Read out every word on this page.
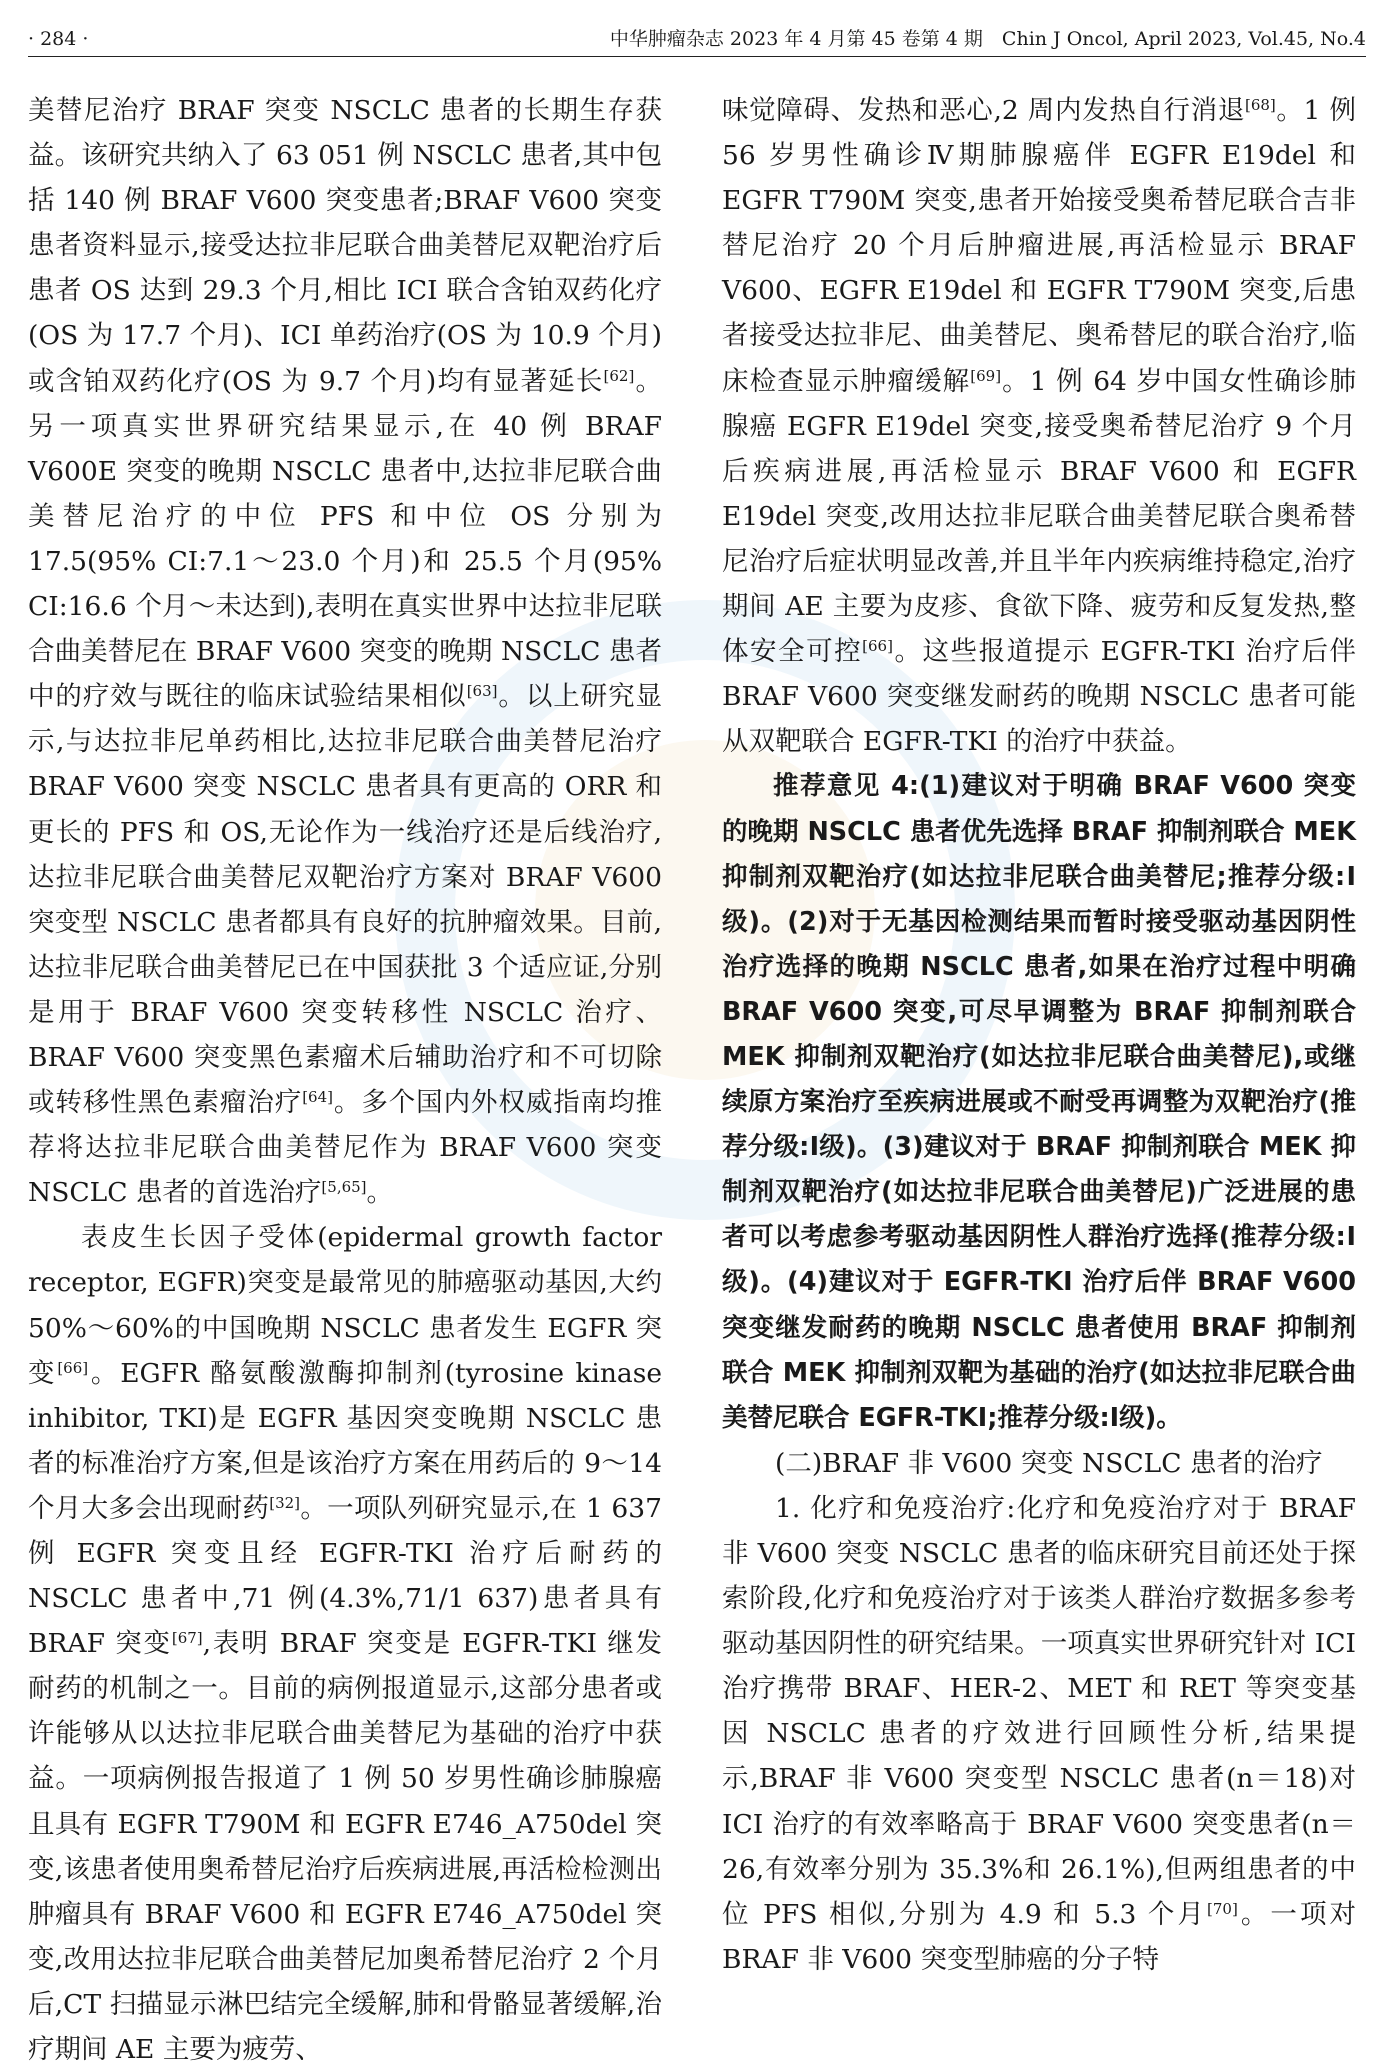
· 284 ·	中华肿瘤杂志 2023 年 4 月第 45 卷第 4 期　Chin J Oncol, April 2023, Vol.45, No.4

美替尼治疗 BRAF 突变 NSCLC 患者的长期生存获益。该研究共纳入了 63 051 例 NSCLC 患者,其中包括 140 例 BRAF V600 突变患者;BRAF V600 突变患者资料显示,接受达拉非尼联合曲美替尼双靶治疗后患者 OS 达到 29.3 个月,相比 ICI 联合含铂双药化疗(OS 为 17.7 个月)、ICI 单药治疗(OS 为 10.9 个月)或含铂双药化疗(OS 为 9.7 个月)均有显著延长[62]。另一项真实世界研究结果显示,在 40 例 BRAF V600E 突变的晚期 NSCLC 患者中,达拉非尼联合曲美替尼治疗的中位 PFS 和中位 OS 分别为 17.5(95% CI:7.1～23.0 个月)和 25.5 个月(95% CI:16.6 个月～未达到),表明在真实世界中达拉非尼联合曲美替尼在 BRAF V600 突变的晚期 NSCLC 患者中的疗效与既往的临床试验结果相似[63]。以上研究显示,与达拉非尼单药相比,达拉非尼联合曲美替尼治疗 BRAF V600 突变 NSCLC 患者具有更高的 ORR 和更长的 PFS 和 OS,无论作为一线治疗还是后线治疗,达拉非尼联合曲美替尼双靶治疗方案对 BRAF V600 突变型 NSCLC 患者都具有良好的抗肿瘤效果。目前,达拉非尼联合曲美替尼已在中国获批 3 个适应证,分别是用于 BRAF V600 突变转移性 NSCLC 治疗、BRAF V600 突变黑色素瘤术后辅助治疗和不可切除或转移性黑色素瘤治疗[64]。多个国内外权威指南均推荐将达拉非尼联合曲美替尼作为 BRAF V600 突变 NSCLC 患者的首选治疗[5,65]。

表皮生长因子受体(epidermal growth factor receptor, EGFR)突变是最常见的肺癌驱动基因,大约 50%～60%的中国晚期 NSCLC 患者发生 EGFR 突变[66]。EGFR 酪氨酸激酶抑制剂(tyrosine kinase inhibitor, TKI)是 EGFR 基因突变晚期 NSCLC 患者的标准治疗方案,但是该治疗方案在用药后的 9～14 个月大多会出现耐药[32]。一项队列研究显示,在 1 637例 EGFR 突变且经 EGFR-TKI 治疗后耐药的 NSCLC 患者中,71 例(4.3%,71/1 637)患者具有 BRAF 突变[67],表明 BRAF 突变是 EGFR-TKI 继发耐药的机制之一。目前的病例报道显示,这部分患者或许能够从以达拉非尼联合曲美替尼为基础的治疗中获益。一项病例报告报道了 1 例 50 岁男性确诊肺腺癌且具有 EGFR T790M 和 EGFR E746_A750del 突变,该患者使用奥希替尼治疗后疾病进展,再活检检测出肿瘤具有 BRAF V600 和 EGFR E746_A750del 突变,改用达拉非尼联合曲美替尼加奥希替尼治疗 2 个月后,CT 扫描显示淋巴结完全缓解,肺和骨骼显著缓解,治疗期间 AE 主要为疲劳、

味觉障碍、发热和恶心,2 周内发热自行消退[68]。1 例 56 岁男性确诊Ⅳ期肺腺癌伴 EGFR E19del 和 EGFR T790M 突变,患者开始接受奥希替尼联合吉非替尼治疗 20 个月后肿瘤进展,再活检显示 BRAF V600、EGFR E19del 和 EGFR T790M 突变,后患者接受达拉非尼、曲美替尼、奥希替尼的联合治疗,临床检查显示肿瘤缓解[69]。1 例 64 岁中国女性确诊肺腺癌 EGFR E19del 突变,接受奥希替尼治疗 9 个月后疾病进展,再活检显示 BRAF V600 和 EGFR E19del 突变,改用达拉非尼联合曲美替尼联合奥希替尼治疗后症状明显改善,并且半年内疾病维持稳定,治疗期间 AE 主要为皮疹、食欲下降、疲劳和反复发热,整体安全可控[66]。这些报道提示 EGFR-TKI 治疗后伴 BRAF V600 突变继发耐药的晚期 NSCLC 患者可能从双靶联合 EGFR-TKI 的治疗中获益。

推荐意见 4:(1)建议对于明确 BRAF V600 突变的晚期 NSCLC 患者优先选择 BRAF 抑制剂联合 MEK 抑制剂双靶治疗(如达拉非尼联合曲美替尼;推荐分级:Ⅰ级)。(2)对于无基因检测结果而暂时接受驱动基因阴性治疗选择的晚期 NSCLC 患者,如果在治疗过程中明确 BRAF V600 突变,可尽早调整为 BRAF 抑制剂联合 MEK 抑制剂双靶治疗(如达拉非尼联合曲美替尼),或继续原方案治疗至疾病进展或不耐受再调整为双靶治疗(推荐分级:Ⅰ级)。(3)建议对于 BRAF 抑制剂联合 MEK 抑制剂双靶治疗(如达拉非尼联合曲美替尼)广泛进展的患者可以考虑参考驱动基因阴性人群治疗选择(推荐分级:Ⅰ级)。(4)建议对于 EGFR-TKI 治疗后伴 BRAF V600 突变继发耐药的晚期 NSCLC 患者使用 BRAF 抑制剂联合 MEK 抑制剂双靶为基础的治疗(如达拉非尼联合曲美替尼联合 EGFR-TKI;推荐分级:Ⅰ级)。

(二)BRAF 非 V600 突变 NSCLC 患者的治疗

1. 化疗和免疫治疗:化疗和免疫治疗对于 BRAF 非 V600 突变 NSCLC 患者的临床研究目前还处于探索阶段,化疗和免疫治疗对于该类人群治疗数据多参考驱动基因阴性的研究结果。一项真实世界研究针对 ICI 治疗携带 BRAF、HER-2、MET 和 RET 等突变基因 NSCLC 患者的疗效进行回顾性分析,结果提示,BRAF 非 V600 突变型 NSCLC 患者(n＝18)对 ICI 治疗的有效率略高于 BRAF V600 突变患者(n＝26,有效率分别为 35.3%和 26.1%),但两组患者的中位 PFS 相似,分别为 4.9 和 5.3 个月[70]。一项对 BRAF 非 V600 突变型肺癌的分子特
